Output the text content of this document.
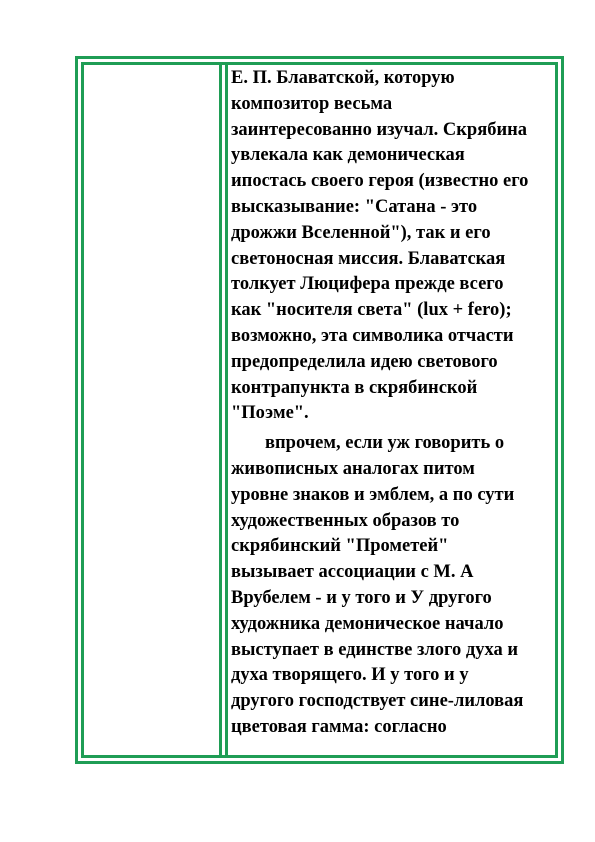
Е. П. Блаватской, которую
композитор весьма
заинтересованно изучал. Скрябина
увлекала как демоническая
ипостась своего героя (известно его
высказывание: "Сатана - это
дрожжи Вселенной"), так и его
светоносная миссия. Блаватская
толкует Люцифера прежде всего
как "носителя света" (lux + fero);
возможно, эта символика отчасти
предопределила идею светового
контрапункта в скрябинской
"Поэме".
впрочем, если уж говорить о
живописных аналогах питом
уровне знаков и эмблем, а по сути
художественных образов то
скрябинский "Прометей"
вызывает ассоциации с М. А
Врубелем - и у того и У другого
художника демоническое начало
выступает в единстве злого духа и
духа творящего. И у того и у
другого господствует сине-лиловая
цветовая гамма: согласно
